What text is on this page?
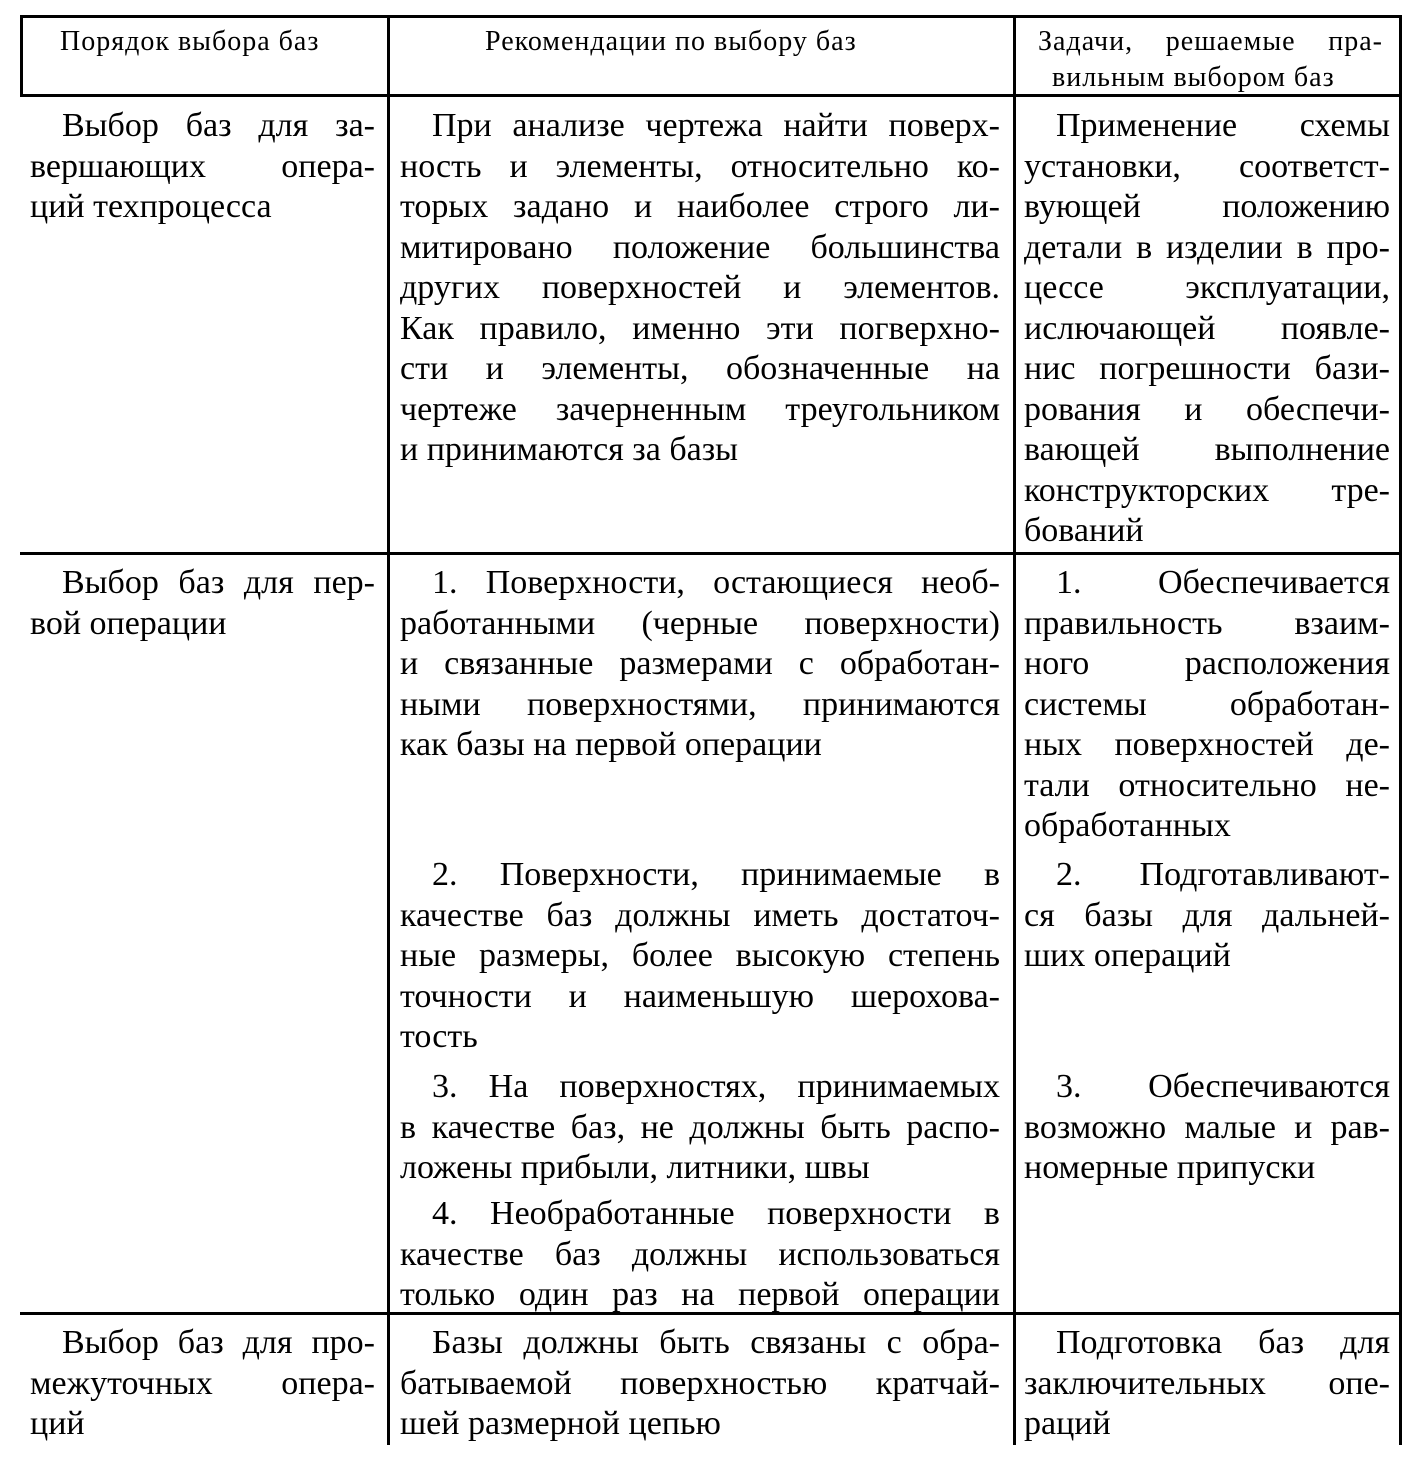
Порядок выбора баз	Рекомендации по выбору баз	Задачи, решаемые пра-
вильным выбором баз
Выбор баз для за-
вершающих опера-
ций техпроцесса
При анализе чертежа найти поверх-
ность и элементы, относительно ко-
торых задано и наиболее строго ли-
митировано положение большинства
других поверхностей и элементов.
Как правило, именно эти погверхно-
сти и элементы, обозначенные на
чертеже зачерненным треугольником
и принимаются за базы
Применение схемы
установки, соответст-
вующей положению
детали в изделии в про-
цессе эксплуатации,
иcлючающей появле-
нис погрешности бази-
рования и обеспечи-
вающей выполнение
конструкторских тре-
бований
Выбор баз для пер-
вой операции
1. Поверхности, остающиеся необ-
работанными (черные поверхности)
и связанные размерами с обработан-
ными поверхностями, принимаются
как базы на первой операции
2. Поверхности, принимаемые в
качестве баз должны иметь достаточ-
ные размеры, более высокую степень
точности и наименьшую шерохова-
тость
3. На поверхностях, принимаемых
в качестве баз, не должны быть распо-
ложены прибыли, литники, швы
4. Необработанные поверхности в
качестве баз должны использоваться
только один раз на первой операции
1. Обеспечивается
правильность взаим-
ного расположения
системы обработан-
ных поверхностей де-
тали относительно не-
обработанных
2. Подготавливают-
ся базы для дальней-
ших операций
3. Обеспечиваются
возможно малые и рав-
номерные припуски
Выбор баз для про-
межуточных опера-
ций
Базы должны быть связаны с обра-
батываемой поверхностью кратчай-
шей размерной цепью
Подготовка баз для
заключительных опе-
раций
